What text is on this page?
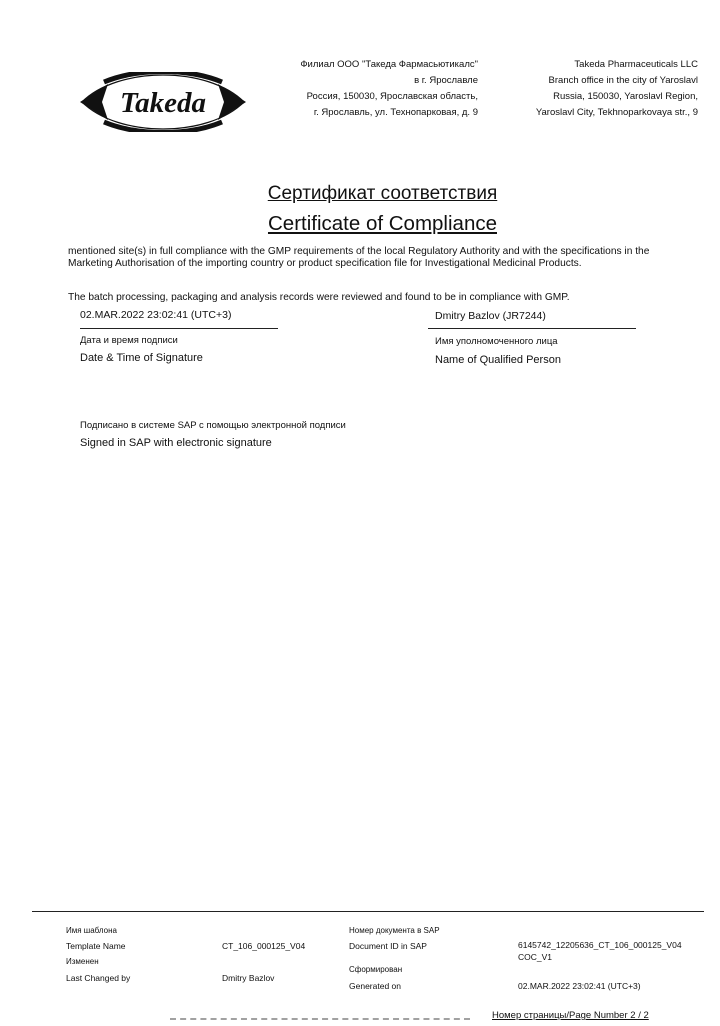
Takeda
Филиал ООО "Такеда Фармасьютикалс"
в г. Ярославле
Россия, 150030, Ярославская область,
г. Ярославль, ул. Технопарковая, д. 9
Takeda Pharmaceuticals LLC
Branch office in the city of Yaroslavl
Russia, 150030, Yaroslavl Region,
Yaroslavl City, Tekhnoparkovaya str., 9
Сертификат соответствия
Certificate of Compliance
mentioned site(s) in full compliance with the GMP requirements of the local Regulatory Authority and with the specifications in the Marketing Authorisation of the importing country or product specification file for Investigational Medicinal Products.
The batch processing, packaging and analysis records were reviewed and found to be in compliance with GMP.
02.MAR.2022 23:02:41 (UTC+3)	Dmitry Bazlov (JR7244)
Дата и время подписи
Date & Time of Signature
Имя уполномоченного лица
Name of Qualified Person
Подписано в системе SAP с помощью электронной подписи
Signed in SAP with electronic signature
Имя шаблона
Template Name	CT_106_000125_V04
Изменен
Last Changed by	Dmitry Bazlov
Номер документа в SAP
Document ID in SAP	6145742_12205636_CT_106_000125_V04
COC_V1
Сформирован
Generated on	02.MAR.2022 23:02:41 (UTC+3)
Номер страницы/Page Number 2 / 2
